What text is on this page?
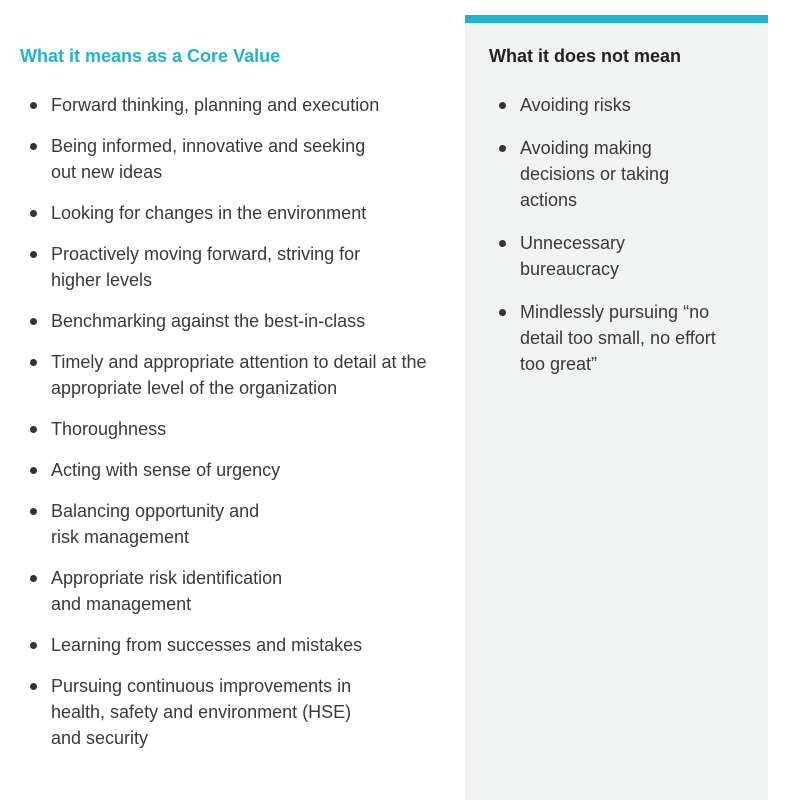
What it means as a Core Value
Forward thinking, planning and execution
Being informed, innovative and seeking out new ideas
Looking for changes in the environment
Proactively moving forward, striving for higher levels
Benchmarking against the best-in-class
Timely and appropriate attention to detail at the appropriate level of the organization
Thoroughness
Acting with sense of urgency
Balancing opportunity and risk management
Appropriate risk identification and management
Learning from successes and mistakes
Pursuing continuous improvements in health, safety and environment (HSE) and security
What it does not mean
Avoiding risks
Avoiding making decisions or taking actions
Unnecessary bureaucracy
Mindlessly pursuing “no detail too small, no effort too great”
